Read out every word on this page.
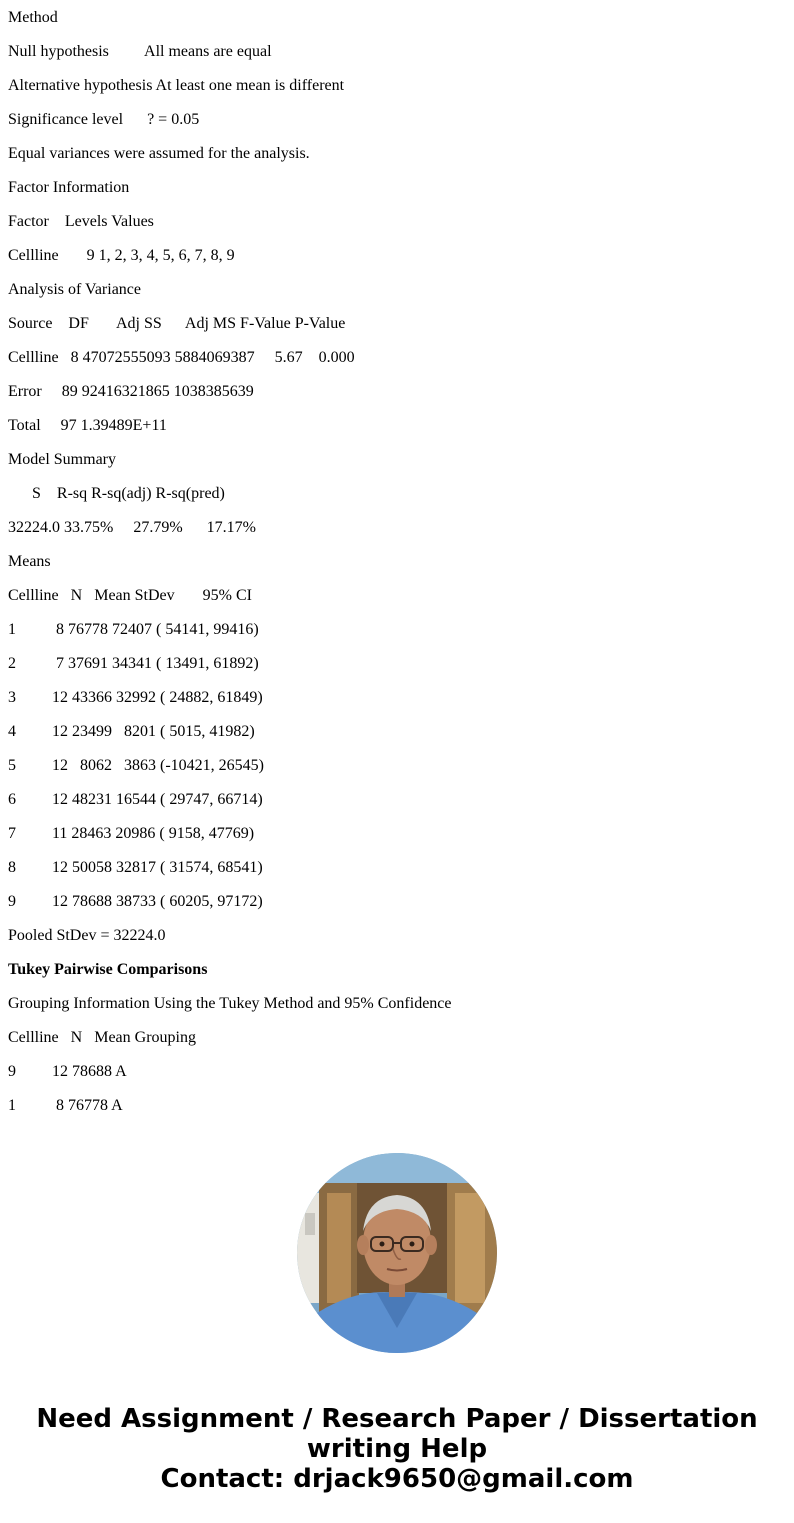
Method
Null hypothesis         All means are equal
Alternative hypothesis At least one mean is different
Significance level      ? = 0.05
Equal variances were assumed for the analysis.
Factor Information
Factor    Levels Values
Cellline       9 1, 2, 3, 4, 5, 6, 7, 8, 9
Analysis of Variance
Source    DF       Adj SS      Adj MS F-Value P-Value
Cellline   8 47072555093 5884069387     5.67    0.000
Error     89 92416321865 1038385639
Total     97 1.39489E+11
Model Summary
S    R-sq R-sq(adj) R-sq(pred)
32224.0 33.75%     27.79%      17.17%
Means
Cellline   N   Mean StDev       95% CI
1          8 76778 72407 ( 54141, 99416)
2          7 37691 34341 ( 13491, 61892)
3         12 43366 32992 ( 24882, 61849)
4         12 23499   8201 ( 5015, 41982)
5         12   8062   3863 (-10421, 26545)
6         12 48231 16544 ( 29747, 66714)
7         11 28463 20986 ( 9158, 47769)
8         12 50058 32817 ( 31574, 68541)
9         12 78688 38733 ( 60205, 97172)
Pooled StDev = 32224.0
Tukey Pairwise Comparisons
Grouping Information Using the Tukey Method and 95% Confidence
Cellline   N   Mean Grouping
9         12 78688 A
1          8 76778 A
Need Assignment / Research Paper / Dissertation
writing Help
Contact: drjack9650@gmail.com
